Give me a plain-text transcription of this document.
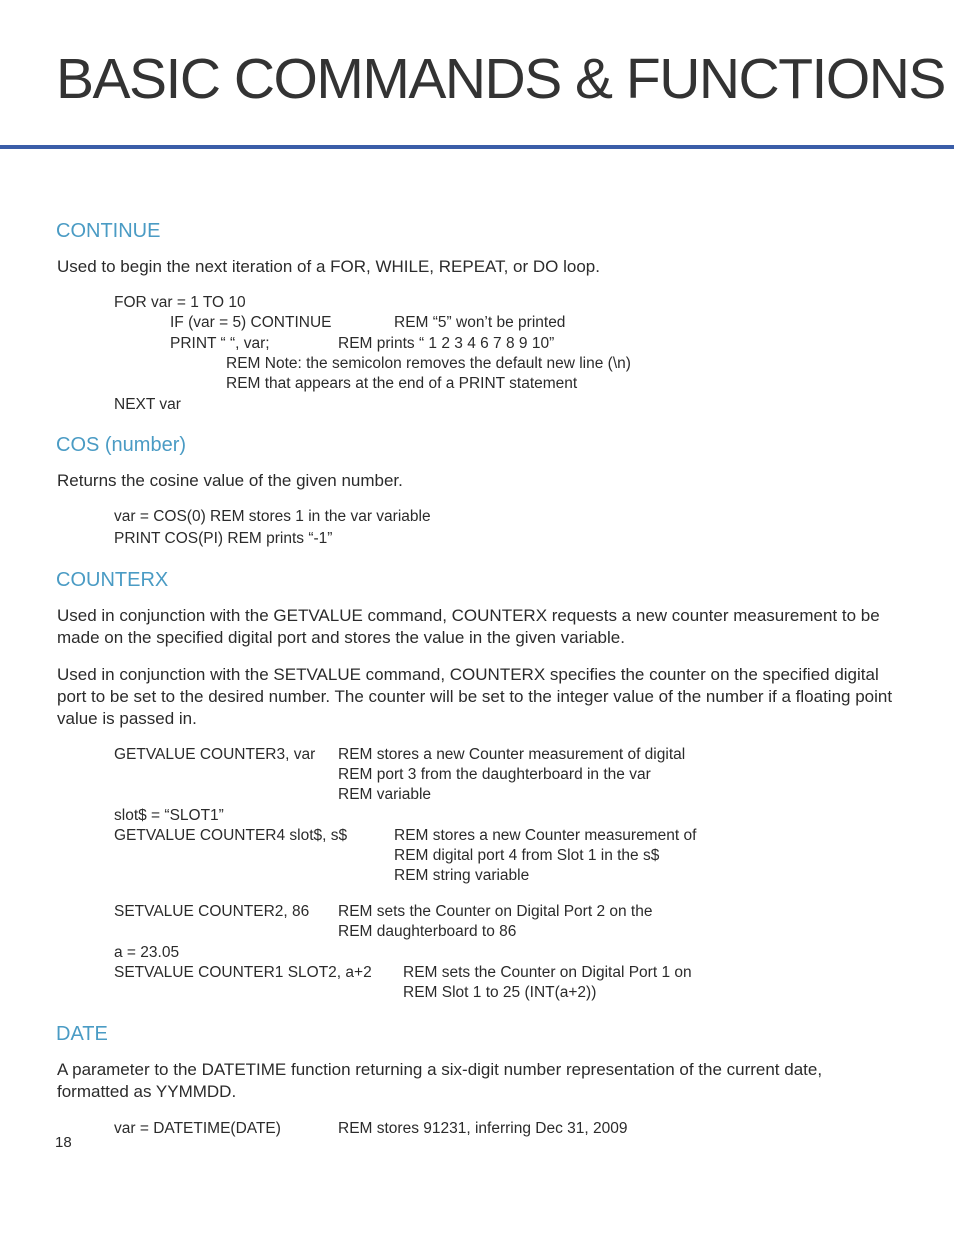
BASIC COMMANDS & FUNCTIONS
CONTINUE

Used to begin the next iteration of a FOR, WHILE, REPEAT, or DO loop.

FOR var = 1 TO 10

IF (var = 5) CONTINUE	REM “5” won’t be printed

PRINT “ “, var;	REM prints “ 1 2 3 4 6 7 8 9 10”

REM Note: the semicolon removes the default new line (\n)

REM that appears at the end of a PRINT statement

NEXT var

COS (number)

Returns the cosine value of the given number.

var = COS(0) REM stores 1 in the var variable

PRINT COS(PI) REM prints “-1”

COUNTERX

Used in conjunction with the GETVALUE command, COUNTERX requests a new counter measurement to be made on the specified digital port and stores the value in the given variable.

Used in conjunction with the SETVALUE command, COUNTERX specifies the counter on the specified digital port to be set to the desired number. The counter will be set to the integer value of the number if a floating point value is passed in.

GETVALUE COUNTER3, var REM stores a new Counter measurement of digital

REM port 3 from the daughterboard in the var

REM variable

slot$ = “SLOT1”

GETVALUE COUNTER4 slot$, s$	REM stores a new Counter measurement of

REM digital port 4 from Slot 1 in the s$

REM string variable

SETVALUE COUNTER2, 86 REM sets the Counter on Digital Port 2 on the

REM daughterboard to 86

a = 23.05

SETVALUE COUNTER1 SLOT2, a+2 REM sets the Counter on Digital Port 1 on

REM Slot 1 to 25 (INT(a+2))

DATE

A parameter to the DATETIME function returning a six-digit number representation of the current date, formatted as YYMMDD.

var = DATETIME(DATE)	REM stores 91231, inferring Dec 31, 2009

18
